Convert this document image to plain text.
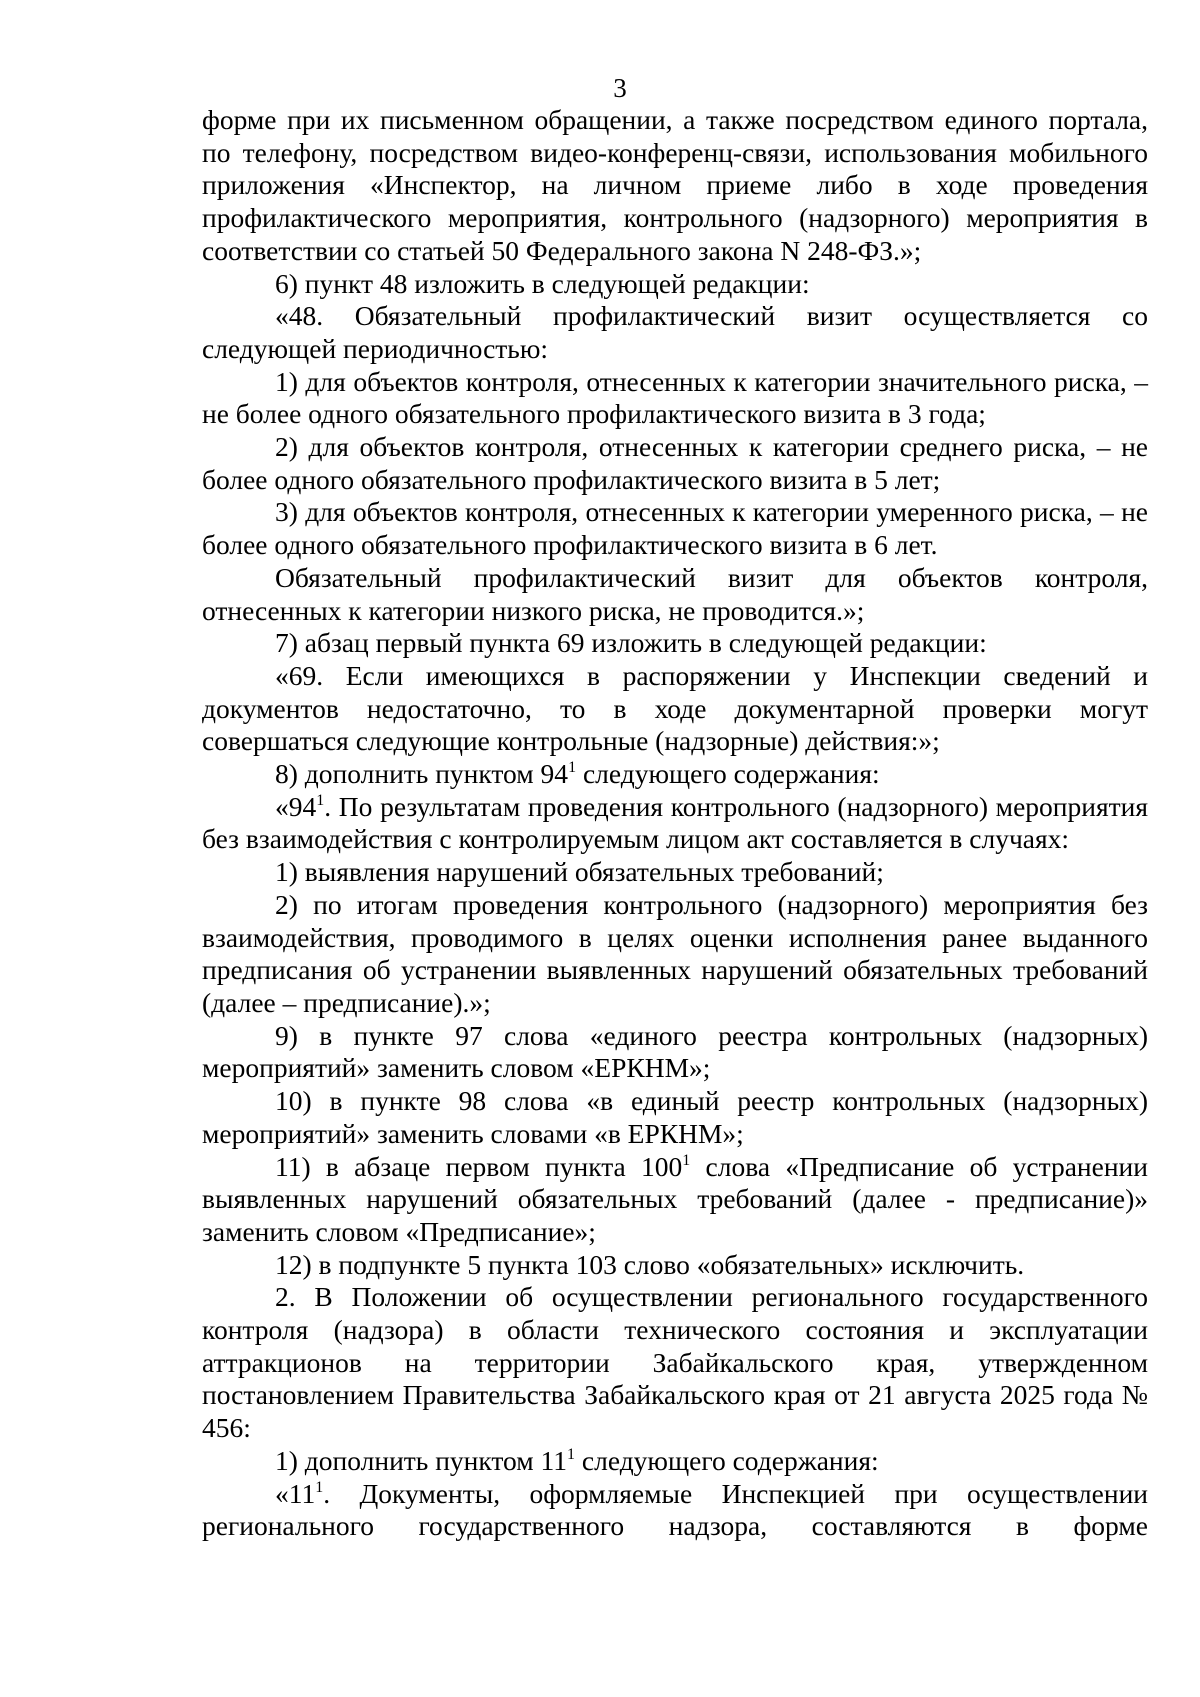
3

форме при их письменном обращении, а также посредством единого портала, по телефону, посредством видео-конференц-связи, использования мобильного приложения «Инспектор, на личном приеме либо в ходе проведения профилактического мероприятия, контрольного (надзорного) мероприятия в соответствии со статьей 50 Федерального закона N 248-ФЗ.»;

6) пункт 48 изложить в следующей редакции:

«48. Обязательный профилактический визит осуществляется со следующей периодичностью:

1) для объектов контроля, отнесенных к категории значительного риска, – не более одного обязательного профилактического визита в 3 года;

2) для объектов контроля, отнесенных к категории среднего риска, – не более одного обязательного профилактического визита в 5 лет;

3) для объектов контроля, отнесенных к категории умеренного риска, – не более одного обязательного профилактического визита в 6 лет.

Обязательный профилактический визит для объектов контроля, отнесенных к категории низкого риска, не проводится.»;

7) абзац первый пункта 69 изложить в следующей редакции:

«69. Если имеющихся в распоряжении у Инспекции сведений и документов недостаточно, то в ходе документарной проверки могут совершаться следующие контрольные (надзорные) действия:»;

8) дополнить пунктом $94^1$ следующего содержания:

«$94^1$. По результатам проведения контрольного (надзорного) мероприятия без взаимодействия с контролируемым лицом акт составляется в случаях:

1) выявления нарушений обязательных требований;

2) по итогам проведения контрольного (надзорного) мероприятия без взаимодействия, проводимого в целях оценки исполнения ранее выданного предписания об устранении выявленных нарушений обязательных требований (далее – предписание).»;

9) в пункте 97 слова «единого реестра контрольных (надзорных) мероприятий» заменить словом «ЕРКНМ»;

10) в пункте 98 слова «в единый реестр контрольных (надзорных) мероприятий» заменить словами «в ЕРКНМ»;

11) в абзаце первом пункта $100^1$ слова «Предписание об устранении выявленных нарушений обязательных требований (далее - предписание)» заменить словом «Предписание»;

12) в подпункте 5 пункта 103 слово «обязательных» исключить.

2. В Положении об осуществлении регионального государственного контроля (надзора) в области технического состояния и эксплуатации аттракционов на территории Забайкальского края, утвержденном постановлением Правительства Забайкальского края от 21 августа 2025 года № 456:

1) дополнить пунктом $11^1$ следующего содержания:

«$11^1$. Документы, оформляемые Инспекцией при осуществлении регионального государственного надзора, составляются в форме
